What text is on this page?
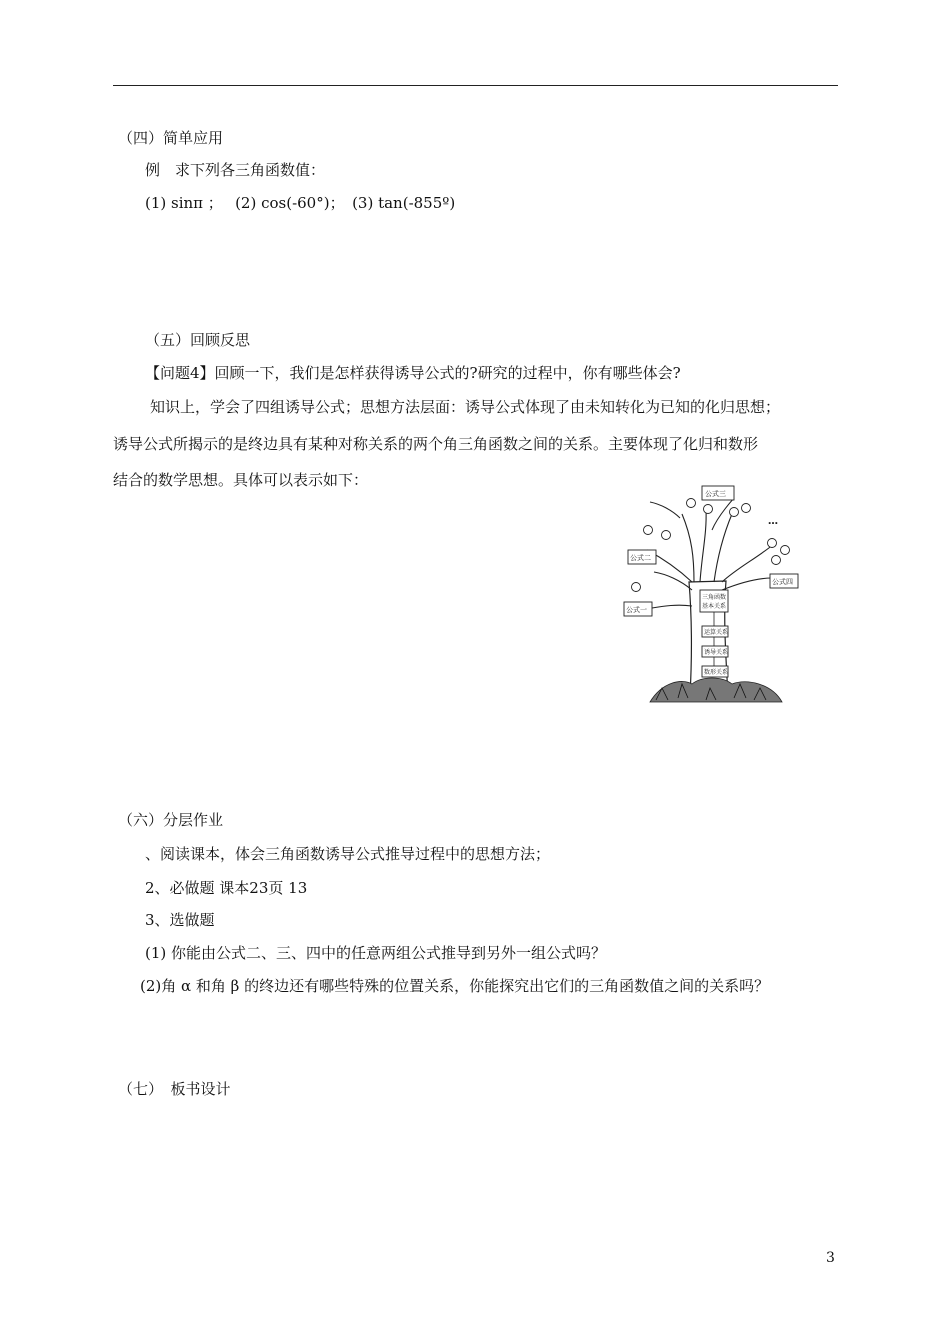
（四）简单应用
例　求下列各三角函数值：
(1) sinπ ；　 (2) cos(-60°)；　(3) tan(-855º)
（五）回顾反思
【问题4】回顾一下，我们是怎样获得诱导公式的?研究的过程中，你有哪些体会?
知识上，学会了四组诱导公式；思想方法层面：诱导公式体现了由未知转化为已知的化归思想；
诱导公式所揭示的是终边具有某种对称关系的两个角三角函数之间的关系。主要体现了化归和数形
结合的数学思想。具体可以表示如下：
公式三
公式二
公式四
公式一
…
三角函数
基本关系
运算关系
诱导关系
数形关系
（六）分层作业
、阅读课本，体会三角函数诱导公式推导过程中的思想方法；
2、必做题 课本23页 13
3、选做题
(1) 你能由公式二、三、四中的任意两组公式推导到另外一组公式吗？
(2)角 α 和角 β 的终边还有哪些特殊的位置关系，你能探究出它们的三角函数值之间的关系吗？
（七）　板书设计
3
